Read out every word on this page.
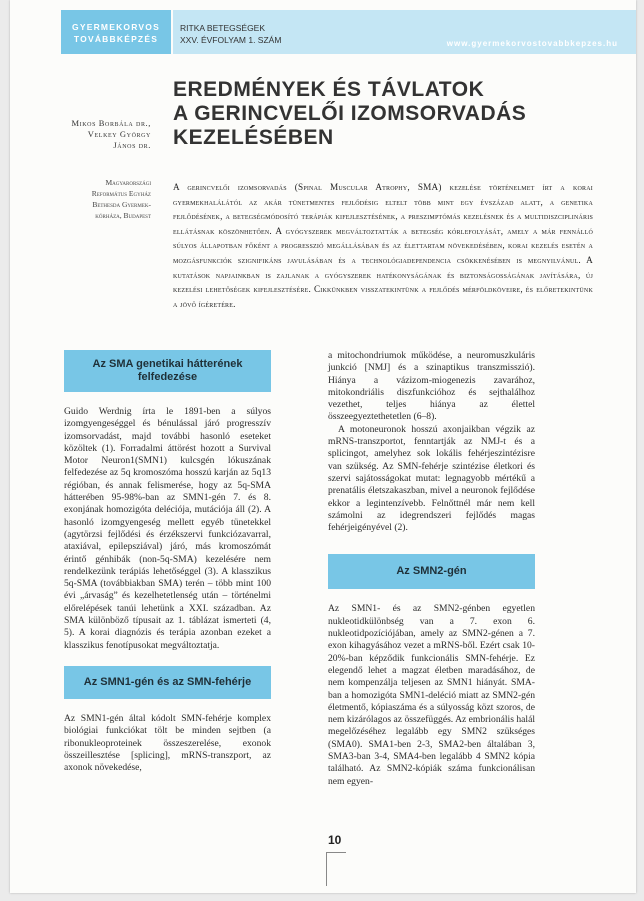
GYERMEKORVOS
TOVÁBBKÉPZÉS
RITKA BETEGSÉGEK
XXV. ÉVFOLYAM 1. SZÁM	www.gyermekorvostovabbkepzes.hu
EREDMÉNYEK ÉS TÁVLATOK
A GERINCVELŐI IZOMSORVADÁS
KEZELÉSÉBEN
Mikos Borbála dr.,
Velkey György
János dr.
Magyarországi
Református Egyház
Bethesda Gyermek-
kórháza, Budapest
A gerincvelői izomsorvadás (Spinal Muscular Atrophy, SMA) kezelése történelmet írt a korai gyermekhalálától az akár tünetmentes fejlődésig eltelt több mint egy évszázad alatt, a genetika fejlődésének, a betegségmódosító terápiák kifejlesztésének, a preszimptómás kezelésnek és a multidiszciplináris ellátásnak köszönhetően. A gyógyszerek megváltoztatták a betegség kórlefolyását, amely a már fennálló súlyos állapotban főként a progresszió megállásában és az élettartam növekedésében, korai kezelés esetén a mozgásfunkciók szignifikáns javulásában és a technológiadependencia csökkenésében is megnyilvánul. A kutatások napjainkban is zajlanak a gyógyszerek hatékonyságának és biztonságosságának javítására, új kezelési lehetőségek kifejlesztésére. Cikkünkben visszatekintünk a fejlődés mérföldköveire, és előretekintünk a jövő ígéretére.
Az SMA genetikai hátterének felfedezése

Guido Werdnig írta le 1891-ben a súlyos izomgyengeséggel és bénulással járó progresszív izomsorvadást, majd további hasonló eseteket közöltek (1). Forradalmi áttörést hozott a Survival Motor Neuron1(SMN1) kulcsgén lókuszának felfedezése az 5q kromoszóma hosszú karján az 5q13 régióban, és annak felismerése, hogy az 5q-SMA hátterében 95-98%-ban az SMN1-gén 7. és 8. exonjának homozigóta deléciója, mutációja áll (2). A hasonló izomgyengeség mellett egyéb tünetekkel (agytörzsi fejlődési és érzékszervi funkciózavarral, ataxiával, epilepsziával) járó, más kromoszómát érintő génhibák (non-5q-SMA) kezelésére nem rendelkezünk terápiás lehetőséggel (3). A klasszikus 5q-SMA (továbbiakban SMA) terén – több mint 100 évi „árvaság” és kezelhetetlenség után – történelmi előrelépések tanúi lehetünk a XXI. században. Az SMA különböző típusait az 1. táblázat ismerteti (4, 5). A korai diagnózis és terápia azonban ezeket a klasszikus fenotípusokat megváltoztatja.

Az SMN1-gén és az SMN-fehérje

Az SMN1-gén által kódolt SMN-fehérje komplex biológiai funkciókat tölt be minden sejtben (a ribonukleoproteinek összeszerelése, exonok összeillesztése [splicing], mRNS-transzport, az axonok növekedése,

a mitochondriumok működése, a neuromuszkuláris junkció [NMJ] és a szinaptikus transzmisszió). Hiánya a vázizom-miogenezis zavarához, mitokondriális diszfunkcióhoz és sejthalálhoz vezethet, teljes hiánya az élettel összeegyeztethetetlen (6–8).

A motoneuronok hosszú axonjaikban végzik az mRNS-transzportot, fenntartják az NMJ-t és a splicingot, amelyhez sok lokális fehérjeszintézisre van szükség. Az SMN-fehérje szintézise életkori és szervi sajátosságokat mutat: legnagyobb mértékű a prenatális életszakaszban, mivel a neuronok fejlődése ekkor a legintenzívebb. Felnőttnél már nem kell számolni az idegrendszeri fejlődés magas fehérjeigényével (2).

Az SMN2-gén

Az SMN1- és az SMN2-génben egyetlen nukleotidkülönbség van a 7. exon 6. nukleotidpozíciójában, amely az SMN2-génen a 7. exon kihagyásához vezet a mRNS-ből. Ezért csak 10-20%-ban képződik funkcionális SMN-fehérje. Ez elegendő lehet a magzat életben maradásához, de nem kompenzálja teljesen az SMN1 hiányát. SMA-ban a homozigóta SMN1-deléció miatt az SMN2-gén életmentő, kópiaszáma és a súlyosság közt szoros, de nem kizárólagos az összefüggés. Az embrionális halál megelőzéséhez legalább egy SMN2 szükséges (SMA0). SMA1-ben 2-3, SMA2-ben általában 3, SMA3-ban 3-4, SMA4-ben legalább 4 SMN2 kópia található. Az SMN2-kópiák száma funkcionálisan nem egyen-

10
